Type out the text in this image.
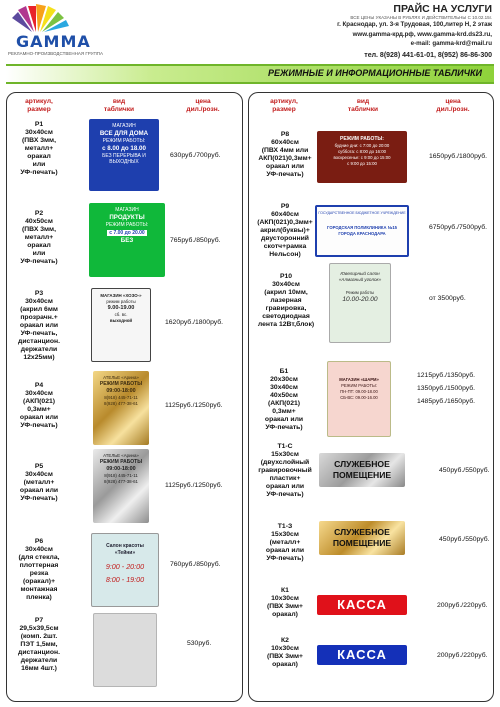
GAMMA
РЕКЛАМНО-ПРОИЗВОДСТВЕННАЯ ГРУППА
ПРАЙС НА УСЛУГИ
ВСЕ ЦЕНЫ УКАЗАНЫ В РУБЛЯХ И ДЕЙСТВИТЕЛЬНЫ С 10.02.15г.
г. Краснодар, ул. 3-я Трудовая, 100,литер Н, 2 этаж
www.gamma-крд.рф, www.gamma-krd.ds23.ru,
e-mail: gamma-krd@mail.ru
тел. 8(928) 441-61-01, 8(952) 86-86-300
РЕЖИМНЫЕ И ИНФОРМАЦИОННЫЕ ТАБЛИЧКИ
артикул,
размер
вид
таблички
цена
дил./розн.
Р1
30х40см
(ПВХ 3мм,
металл+
оракал
или
УФ-печать)
МАГАЗИН
ВСЕ ДЛЯ ДОМА
РЕЖИМ РАБОТЫ:
с 8.00 до 18.00
БЕЗ ПЕРЕРЫВА И ВЫХОДНЫХ
630руб./700руб.
Р2
40х50см
(ПВХ 3мм,
металл+
оракал
или
УФ-печать)
МАГАЗИН
ПРОДУКТЫ
РЕЖИМ РАБОТЫ:
с 7.00 до 20.00
БЕЗ	765руб./850руб.
Р3
30х40см
(акрил 6мм
прозрачн.+
оракал или
УФ-печать,
дистанцион.
держатели
12х25мм)
МАГАЗИН «ХОЗО-»
режим работы
9.00-19.00
сб. вс.
выходной	1620руб./1800руб.
Р4
30х40см
(АКП(021)
0,3мм+
оракал или
УФ-печать)
АТЕЛЬЕ «Арина»
РЕЖИМ РАБОТЫ
09:00-18:00
8(918) 445-71-11
8(928) 477-38-61	1125руб./1250руб.
Р5
30х40см
(металл+
оракал или
УФ-печать)
АТЕЛЬЕ «Арина»
РЕЖИМ РАБОТЫ
09:00-18:00
8(918) 445-71-11
8(928) 477-38-61
1125руб./1250руб.
Р6
30х40см
(для стекла,
плоттерная
резка
(оракал)+
монтажная
пленка)
Салон красоты
«Тейни»
9:00 - 20:00
8:00 - 19:00
760руб./850руб.
Р7
29,5х39,5см
(комп. 2шт.
ПЭТ 1,5мм,
дистанцион.
держатели
16мм 4шт.)
530руб.
артикул,
размер
вид
таблички
цена
дил./розн.
Р8
60х40см
(ПВХ 4мм или
АКП(021)0,3мм+
оракал или
УФ-печать)
РЕЖИМ РАБОТЫ:
будние дни: с 7:00 до 20:00
суббота: с 8:00 до 16:00
воскресенье: с 9:00 до 15:00
с 9:00 до 15:00
1650руб./1800руб.
Р9
60х40см
(АКП(021)0,3мм+
акрил(буквы)+
двусторонний
скотч+рамка
Нельсон)
ГОСУДАРСТВЕННОЕ БЮДЖЕТНОЕ УЧРЕЖДЕНИЕ
ГОРОДСКАЯ ПОЛИКЛИНИКА №15
ГОРОДА КРАСНОДАРА
6750руб./7500руб.
Р10
30х40см
(акрил 10мм,
лазерная
гравировка,
светодиодная
лента 12Вт,блок)
Ювелирный салон
«Алмазный уголок»
Режим работы
10.00-20.00	от 3500руб.
Б1
20х30см
30х40см
40х50см
(АКП(021)
0,3мм+
оракал или
УФ-печать)
МАГАЗИН «ШАРМ»
РЕЖИМ РАБОТЫ:
ПН-ПТ: 09.00-18.00
СБ-ВС: 09.00-16.00
1215руб./1350руб.
1350руб./1500руб.
1485руб./1650руб.
Т1-С
15х30см
(двухслойный
гравировочный
пластик+
оракал или
УФ-печать)
СЛУЖЕБНОЕ
ПОМЕЩЕНИЕ	450руб./550руб.
Т1-З
15х30см
(металл+
оракал или
УФ-печать)
СЛУЖЕБНОЕ
ПОМЕЩЕНИЕ	450руб./550руб.
К1
10х30см
(ПВХ 3мм+
оракал)
КАССА	200руб./220руб.
К2
10х30см
(ПВХ 3мм+
оракал)
КАССА	200руб./220руб.
